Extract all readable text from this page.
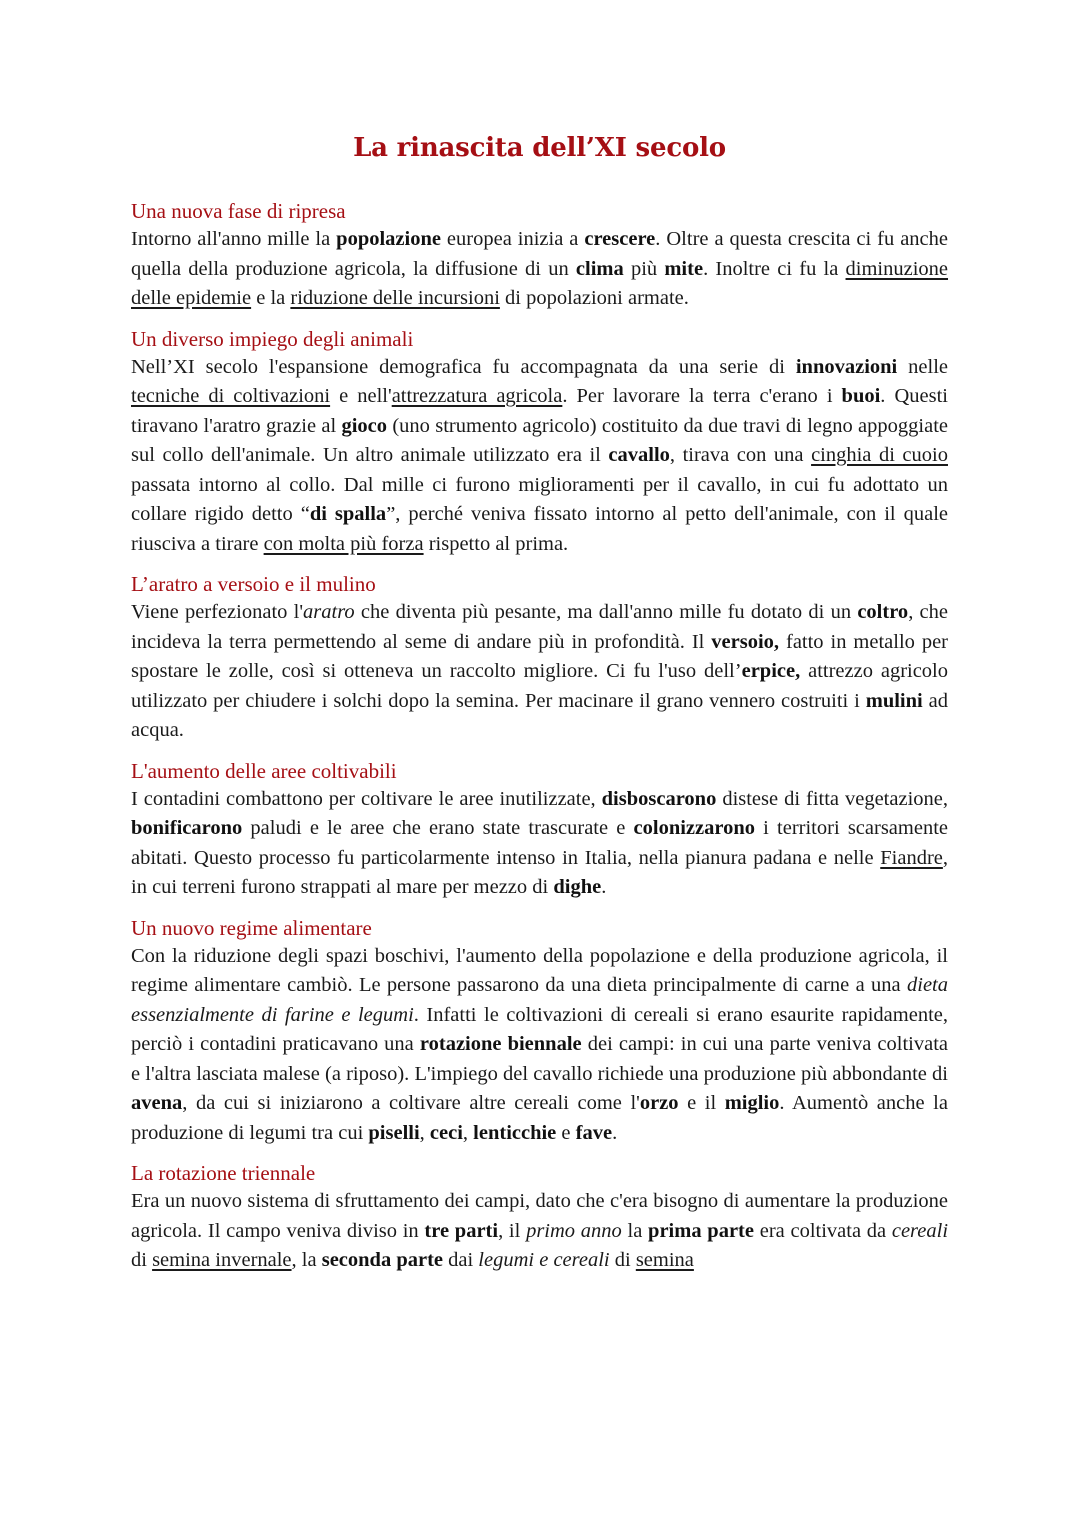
La rinascita dell’XI secolo
Una nuova fase di ripresa

Intorno all'anno mille la popolazione europea inizia a crescere. Oltre a questa crescita ci fu anche quella della produzione agricola, la diffusione di un clima più mite. Inoltre ci fu la diminuzione delle epidemie e la riduzione delle incursioni di popolazioni armate.

Un diverso impiego degli animali

Nell’XI secolo l'espansione demografica fu accompagnata da una serie di innovazioni nelle tecniche di coltivazioni e nell'attrezzatura agricola. Per lavorare la terra c'erano i buoi. Questi tiravano l'aratro grazie al gioco (uno strumento agricolo) costituito da due travi di legno appoggiate sul collo dell'animale. Un altro animale utilizzato era il cavallo, tirava con una cinghia di cuoio passata intorno al collo. Dal mille ci furono miglioramenti per il cavallo, in cui fu adottato un collare rigido detto “di spalla”, perché veniva fissato intorno al petto dell'animale, con il quale riusciva a tirare con molta più forza rispetto al prima.

L’aratro a versoio e il mulino

Viene perfezionato l'aratro che diventa più pesante, ma dall'anno mille fu dotato di un coltro, che incideva la terra permettendo al seme di andare più in profondità. Il versoio, fatto in metallo per spostare le zolle, così si otteneva un raccolto migliore. Ci fu l'uso dell’erpice, attrezzo agricolo utilizzato per chiudere i solchi dopo la semina. Per macinare il grano vennero costruiti i mulini ad acqua.

L'aumento delle aree coltivabili

I contadini combattono per coltivare le aree inutilizzate, disboscarono distese di fitta vegetazione, bonificarono paludi e le aree che erano state trascurate e colonizzarono i territori scarsamente abitati. Questo processo fu particolarmente intenso in Italia, nella pianura padana e nelle Fiandre, in cui terreni furono strappati al mare per mezzo di dighe.

Un nuovo regime alimentare

Con la riduzione degli spazi boschivi, l'aumento della popolazione e della produzione agricola, il regime alimentare cambiò. Le persone passarono da una dieta principalmente di carne a una dieta essenzialmente di farine e legumi. Infatti le coltivazioni di cereali si erano esaurite rapidamente, perciò i contadini praticavano una rotazione biennale dei campi: in cui una parte veniva coltivata e l'altra lasciata malese (a riposo). L'impiego del cavallo richiede una produzione più abbondante di avena, da cui si iniziarono a coltivare altre cereali come l'orzo e il miglio. Aumentò anche la produzione di legumi tra cui piselli, ceci, lenticchie e fave.

La rotazione triennale

Era un nuovo sistema di sfruttamento dei campi, dato che c'era bisogno di aumentare la produzione agricola. Il campo veniva diviso in tre parti, il primo anno la prima parte era coltivata da cereali di semina invernale, la seconda parte dai legumi e cereali di semina
